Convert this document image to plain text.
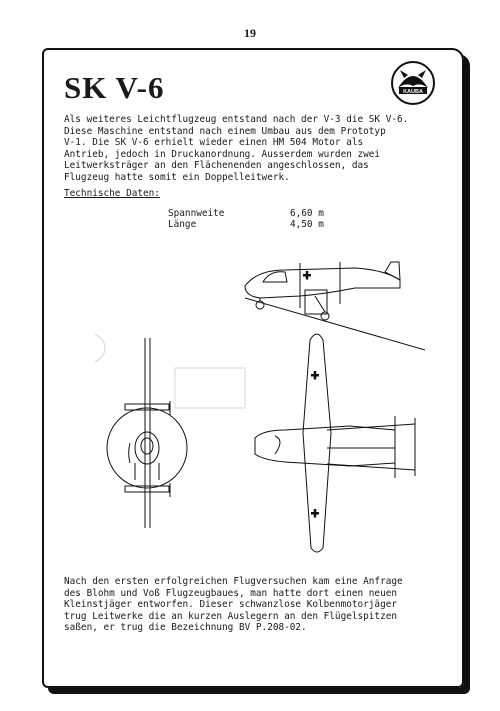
19
SK V-6	KAUBA
Als weiteres Leichtflugzeug entstand nach der V-3 die SK V-6.
Diese Maschine entstand nach einem Umbau aus dem Prototyp
V-1. Die SK V-6 erhielt wieder einen HM 504 Motor als
Antrieb, jedoch in Druckanordnung. Ausserdem wurden zwei
Leitwerksträger an den Flächenenden angeschlossen, das
Flugzeug hatte somit ein Doppelleitwerk.
Technische Daten:
Spannweite	6,60 m
Länge	4,50 m
Nach den ersten erfolgreichen Flugversuchen kam eine Anfrage
des Blohm und Voß Flugzeugbaues, man hatte dort einen neuen
Kleinstjäger entworfen. Dieser schwanzlose Kolbenmotorjäger
trug Leitwerke die an kurzen Auslegern an den Flügelspitzen
saßen, er trug die Bezeichnung BV P.208-02.
